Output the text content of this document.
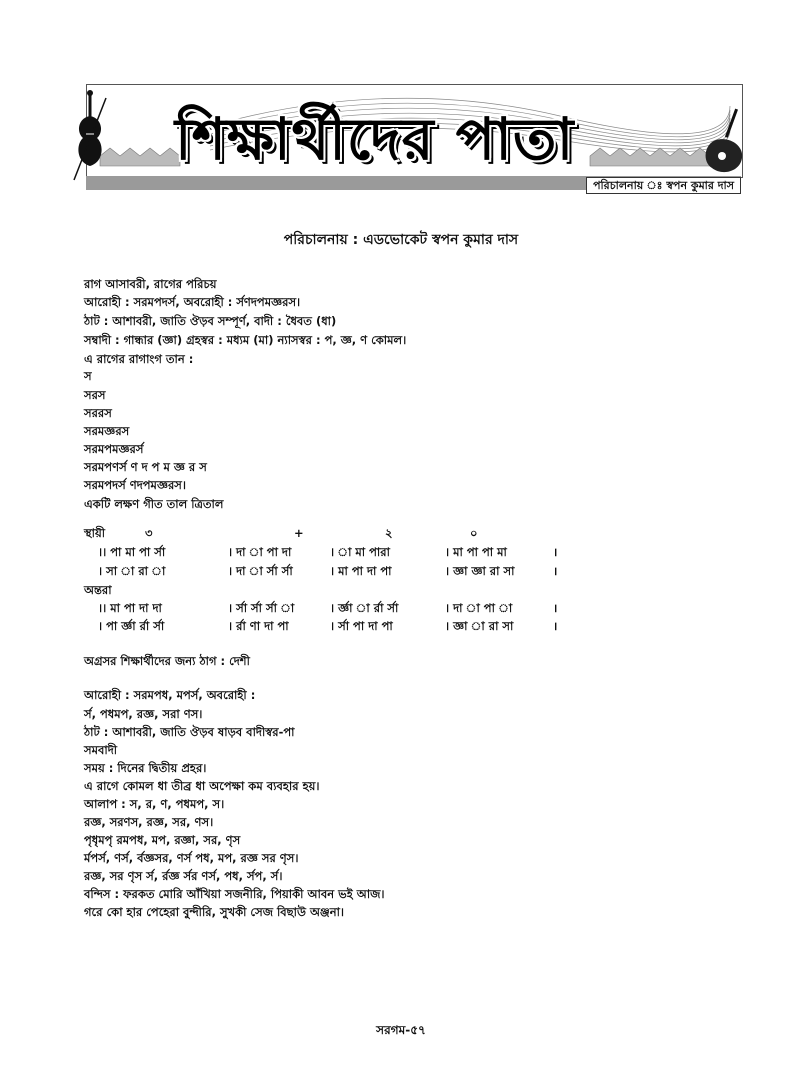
শিক্ষার্থীদের পাতা
পরিচালনায় ঃ স্বপন কুমার দাস
পরিচালনায় : এডভোকেট স্বপন কুমার দাস
রাগ আসাবরী, রাগের পরিচয়
আরোহী : সরমপদর্স, অবরোহী : র্সণদপমজ্ঞরস।
ঠাট : আশাবরী, জাতি ঔড়ব সম্পূর্ণ, বাদী : ধৈবত (ধা)
সম্বাদী : গান্ধার (জ্ঞা) গ্রহস্বর : মধ্যম (মা) ন্যাসস্বর : প, জ্ঞ, ণ কোমল।
এ রাগের রাগাংগ তান :
স
সরস
সররস
সরমজ্ঞরস
সরমপমজ্ঞরর্স
সরমপণর্স ণ দ প ম জ্ঞ র স
সরমপদর্স ণদপমজ্ঞরস।
একটি লক্ষণ গীত তাল ত্রিতাল
স্থায়ী	৩	+	২	০
।। পা মা পা র্সা	। দা া পা দা	। া মা পারা	। মা পা পা মা	।
। সা া রা া	। দা া র্সা র্সা	। মা পা দা পা	। জ্ঞা জ্ঞা রা সা	।
অন্তরা
।। মা পা দা দা	। র্সা র্সা র্সা া	। র্জ্ঞা া র্রা র্সা	। দা া পা া	।
। পা র্জ্ঞা র্রা র্সা	। র্রা ণা দা পা	। র্সা পা দা পা	। জ্ঞা া রা সা	।
অগ্রসর শিক্ষার্থীদের জন্য ঠাগ : দেশী
আরোহী : সরমপধ, মপর্স, অবরোহী :
র্স, পধমপ, রজ্ঞ, সরা ণস।
ঠাট : আশাবরী, জাতি ঔড়ব ষাড়ব বাদীস্বর-পা
সমবাদী
সময় : দিনের দ্বিতীয় প্রহর।
এ রাগে কোমল ধা তীব্র ধা অপেক্ষা কম ব্যবহার হয়।
আলাপ : স, র, ণ, পধমপ, স।
রজ্ঞ, সরণস, রজ্ঞ, সর, ণস।
পৃধৃমপৃ রমপধ, মপ, রজ্ঞা, সর, ণৃস
র্মপর্স, ণর্স, র্বজ্ঞসর, ণর্স পধ, মপ, রজ্ঞ সর ণৃস।
রজ্ঞ, সর ণৃস র্স, র্রজ্ঞ র্সর ণর্স, পধ, র্সপ, র্স।
বন্দিস : ফরকত মোরি আঁখিয়া সজনীরি, পিয়াকী আবন ভই আজ।
গরে কো হার পেহেরা বুন্দীরি, সুখকী সেজ বিছাউ অঞ্জনা।
সরগম-৫৭
